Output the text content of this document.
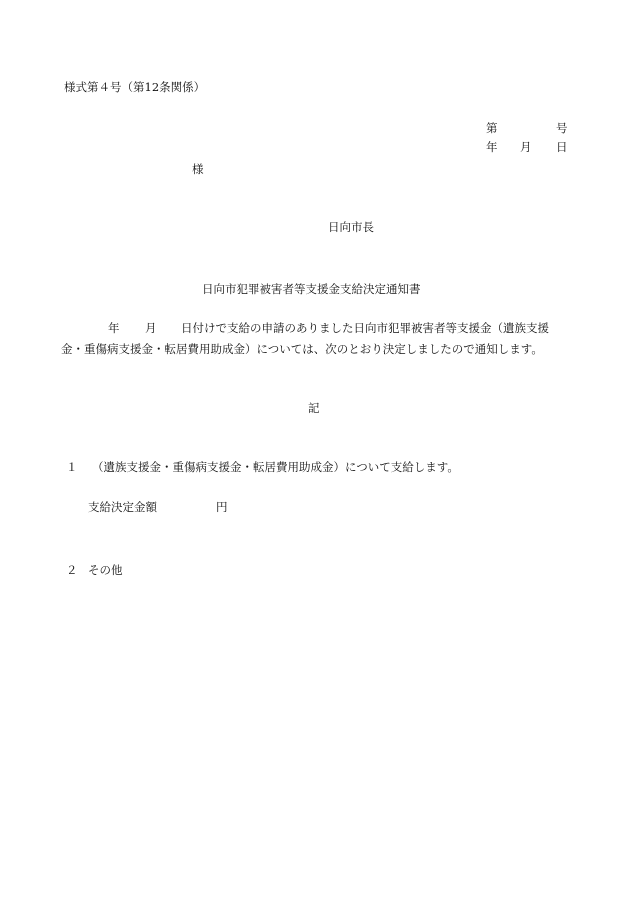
様式第４号（第12条関係）
第	号
年 月 日
様
日向市長
日向市犯罪被害者等支援金支給決定通知書
年 月 日付けで支給の申請のありました日向市犯罪被害者等支援金（遺族支援
金・重傷病支援金・転居費用助成金）については、次のとおり決定しましたので通知します。
記
１ （遺族支援金・重傷病支援金・転居費用助成金）について支給します。
支給決定金額	円
２ その他
